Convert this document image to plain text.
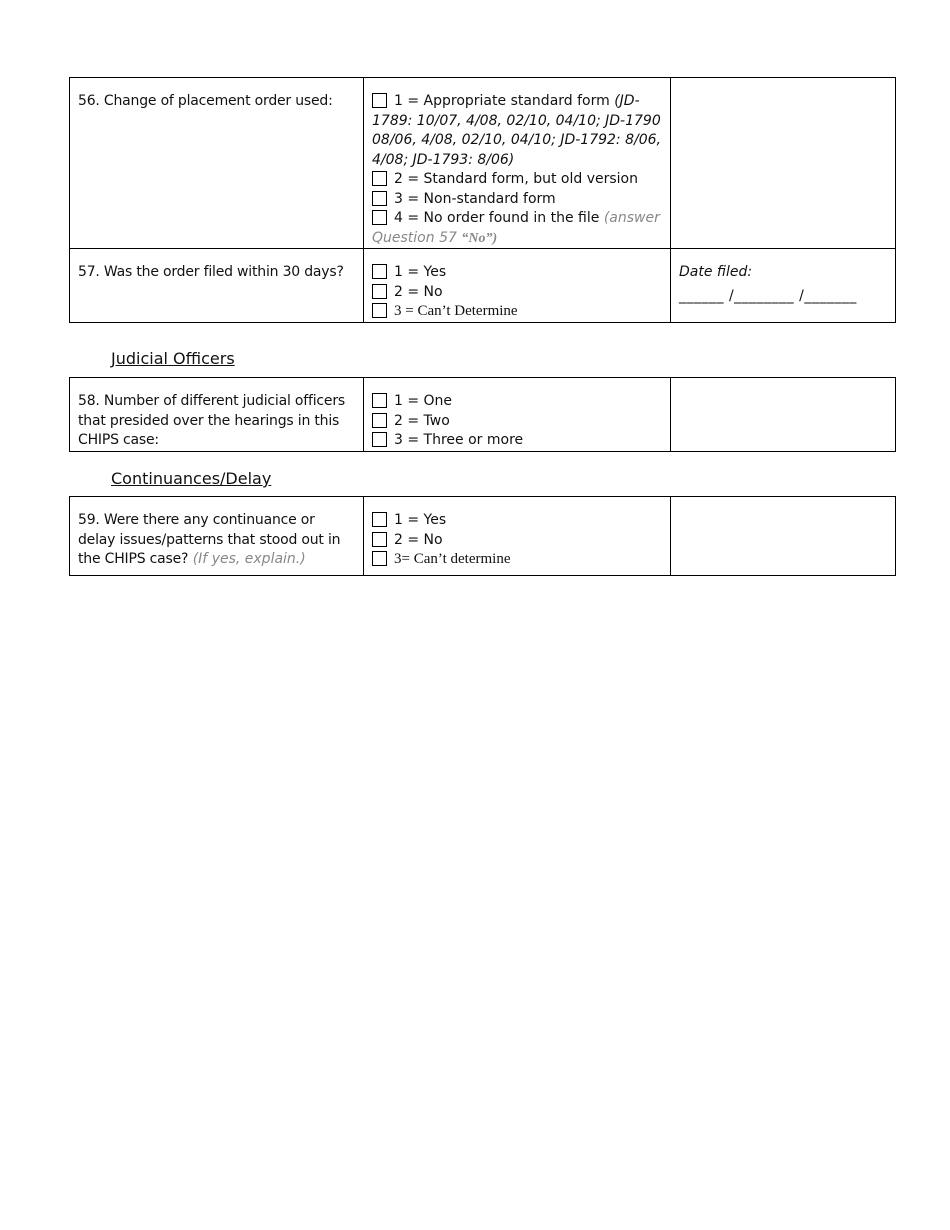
56. Change of placement order used:	1 = Appropriate standard form (JD-1789: 10/07, 4/08, 02/10, 04/10; JD-1790 08/06, 4/08, 02/10, 04/10; JD-1792: 8/06, 4/08; JD-1793: 8/06)
2 = Standard form, but old version
3 = Non-standard form
4 = No order found in the file (answer Question 57 “No”)	

57. Was the order filed within 30 days?	1 = Yes
2 = No
3 = Can’t Determine	Date filed:
______ /________ /_______
Judicial Officers
58. Number of different judicial officers that presided over the hearings in this CHIPS case:	
1 = One
2 = Two
3 = Three or more

Continuances/Delay
59. Were there any continuance or delay issues/patterns that stood out in the CHIPS case? (If yes, explain.)	
1 = Yes
2 = No
3= Can’t determine
